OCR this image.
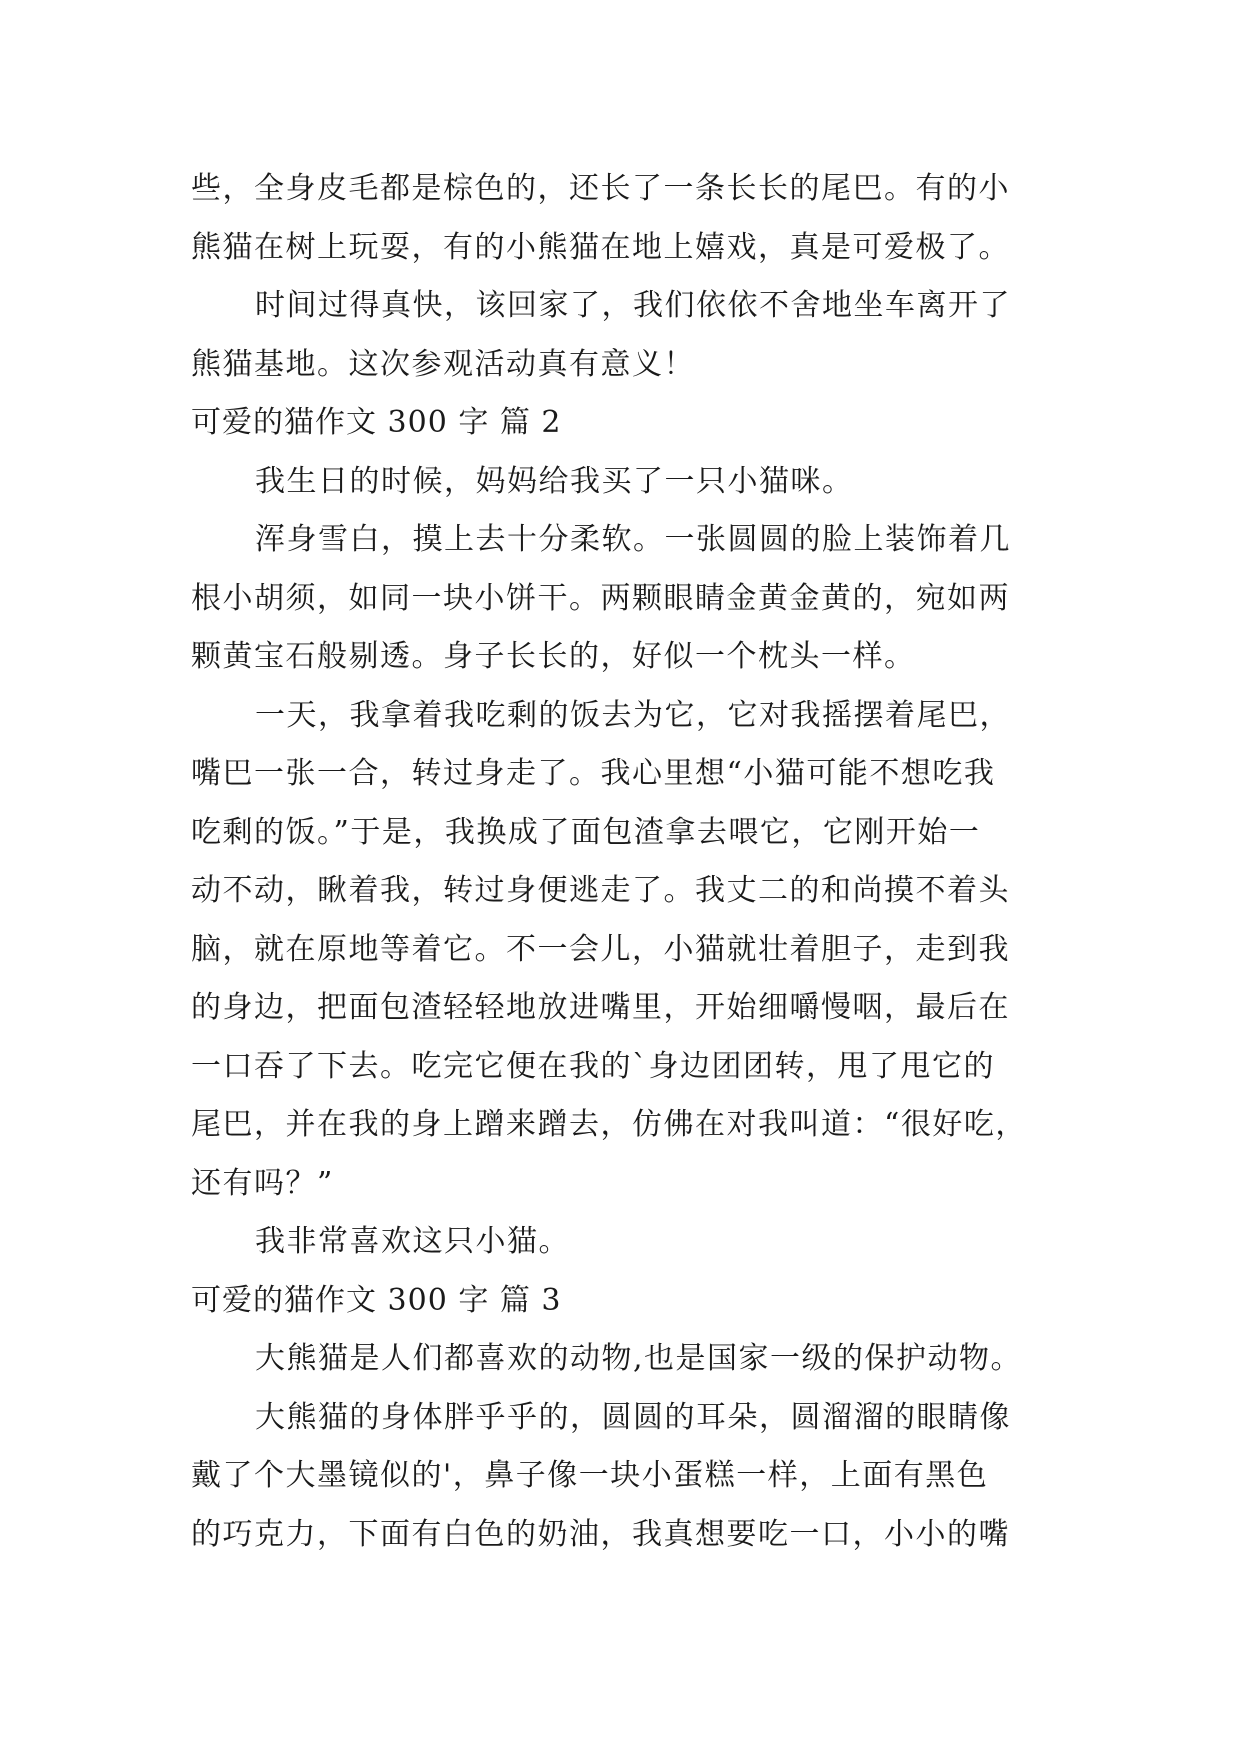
些，全身皮毛都是棕色的，还长了一条长长的尾巴。有的小
熊猫在树上玩耍，有的小熊猫在地上嬉戏，真是可爱极了。
时间过得真快，该回家了，我们依依不舍地坐车离开了
熊猫基地。这次参观活动真有意义！
可爱的猫作文 300 字 篇 2
我生日的时候，妈妈给我买了一只小猫咪。
浑身雪白，摸上去十分柔软。一张圆圆的脸上装饰着几
根小胡须，如同一块小饼干。两颗眼睛金黄金黄的，宛如两
颗黄宝石般剔透。身子长长的，好似一个枕头一样。
一天，我拿着我吃剩的饭去为它，它对我摇摆着尾巴，
嘴巴一张一合，转过身走了。我心里想“小猫可能不想吃我
吃剩的饭。”于是，我换成了面包渣拿去喂它，它刚开始一
动不动，瞅着我，转过身便逃走了。我丈二的和尚摸不着头
脑，就在原地等着它。不一会儿，小猫就壮着胆子，走到我
的身边，把面包渣轻轻地放进嘴里，开始细嚼慢咽，最后在
一口吞了下去。吃完它便在我的`身边团团转，甩了甩它的
尾巴，并在我的身上蹭来蹭去，仿佛在对我叫道：“很好吃，
还有吗？”
我非常喜欢这只小猫。
可爱的猫作文 300 字 篇 3
大熊猫是人们都喜欢的动物,也是国家一级的保护动物。
大熊猫的身体胖乎乎的，圆圆的耳朵，圆溜溜的眼睛像
戴了个大墨镜似的'，鼻子像一块小蛋糕一样，上面有黑色
的巧克力，下面有白色的奶油，我真想要吃一口，小小的嘴
